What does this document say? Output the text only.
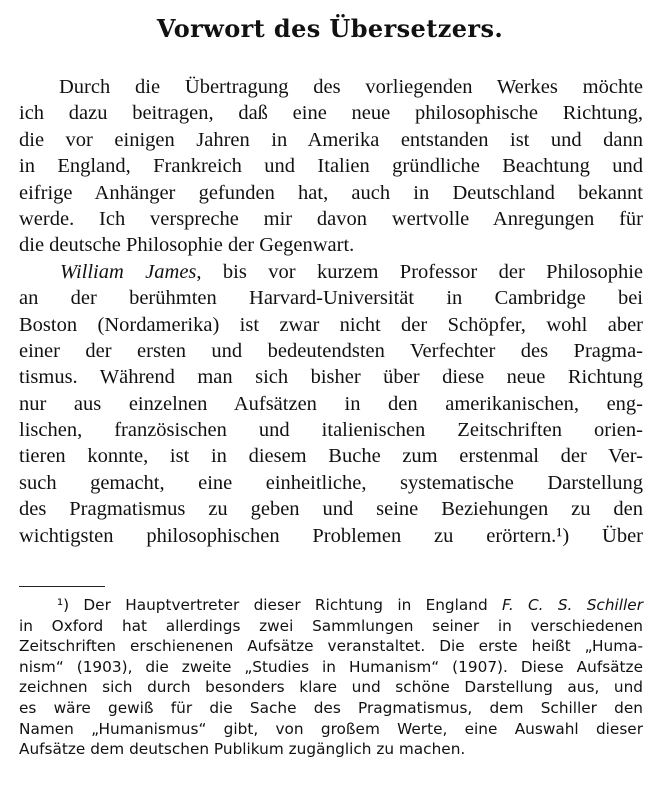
Vorwort des Übersetzers.
Durch die Übertragung des vorliegenden Werkes möchte
ich dazu beitragen, daß eine neue philosophische Richtung,
die vor einigen Jahren in Amerika entstanden ist und dann
in England, Frankreich und Italien gründliche Beachtung und
eifrige Anhänger gefunden hat, auch in Deutschland bekannt
werde. Ich verspreche mir davon wertvolle Anregungen für
die deutsche Philosophie der Gegenwart.
William James, bis vor kurzem Professor der Philosophie
an der berühmten Harvard-Universität in Cambridge bei
Boston (Nordamerika) ist zwar nicht der Schöpfer, wohl aber
einer der ersten und bedeutendsten Verfechter des Pragma-
tismus. Während man sich bisher über diese neue Richtung
nur aus einzelnen Aufsätzen in den amerikanischen, eng-
lischen, französischen und italienischen Zeitschriften orien-
tieren konnte, ist in diesem Buche zum erstenmal der Ver-
such gemacht, eine einheitliche, systematische Darstellung
des Pragmatismus zu geben und seine Beziehungen zu den
wichtigsten philosophischen Problemen zu erörtern.¹) Über
¹) Der Hauptvertreter dieser Richtung in England F. C. S. Schiller
in Oxford hat allerdings zwei Sammlungen seiner in verschiedenen
Zeitschriften erschienenen Aufsätze veranstaltet. Die erste heißt „Huma-
nism“ (1903), die zweite „Studies in Humanism“ (1907). Diese Aufsätze
zeichnen sich durch besonders klare und schöne Darstellung aus, und
es wäre gewiß für die Sache des Pragmatismus, dem Schiller den
Namen „Humanismus“ gibt, von großem Werte, eine Auswahl dieser
Aufsätze dem deutschen Publikum zugänglich zu machen.
